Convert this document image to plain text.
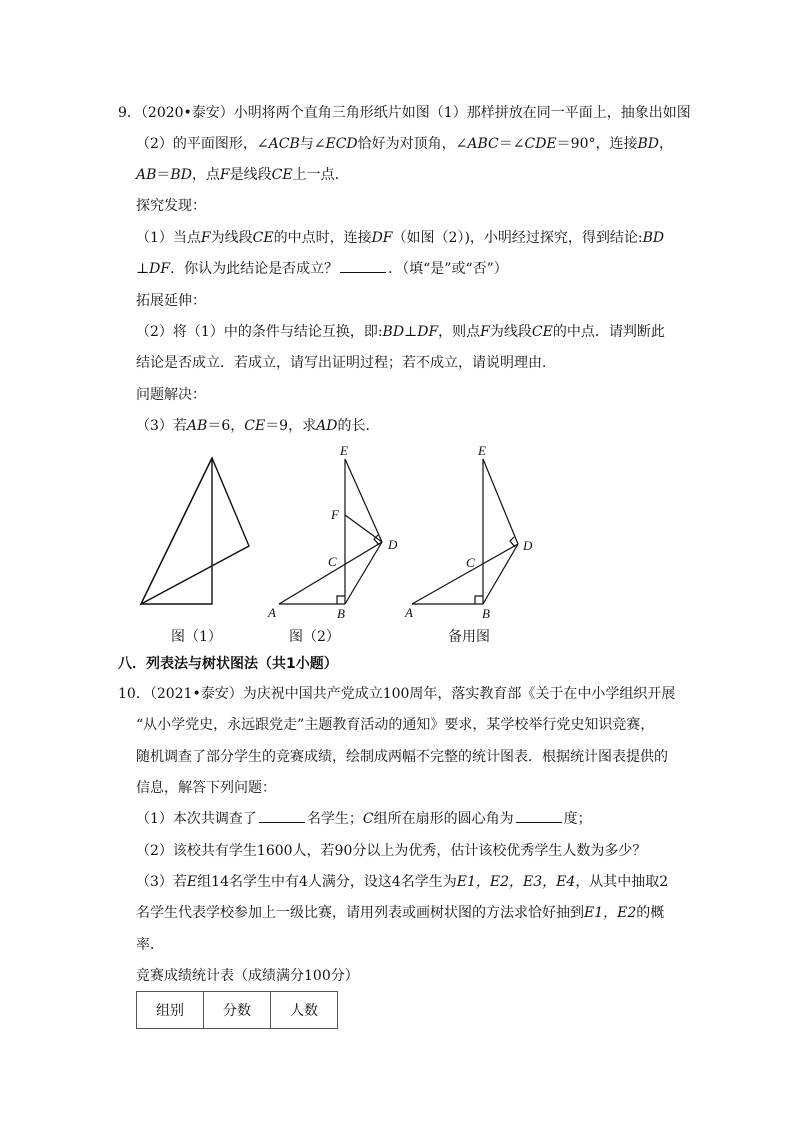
9．（2020•泰安）小明将两个直角三角形纸片如图（1）那样拼放在同一平面上，抽象出如图
（2）的平面图形，∠ACB与∠ECD恰好为对顶角，∠ABC＝∠CDE＝90°，连接BD，
AB＝BD，点F是线段CE上一点．
探究发现：
（1）当点F为线段CE的中点时，连接DF（如图（2）)，小明经过探究，得到结论:BD
⊥DF．你认为此结论是否成立？	．（填“是”或“否”）
拓展延伸：
（2）将（1）中的条件与结论互换，即:BD⊥DF，则点F为线段CE的中点．请判断此
结论是否成立．若成立，请写出证明过程；若不成立，请说明理由．
问题解决：
（3）若AB＝6，CE＝9，求AD的长．
E
F
C
D
A	B
E
C
D
A	B
图（1）	图（2）	备用图
八．列表法与树状图法（共1小题）
10．（2021•泰安）为庆祝中国共产党成立100周年，落实教育部《关于在中小学组织开展
“从小学党史，永远跟党走”主题教育活动的通知》要求，某学校举行党史知识竞赛，
随机调查了部分学生的竞赛成绩，绘制成两幅不完整的统计图表．根据统计图表提供的
信息，解答下列问题：
（1）本次共调查了	名学生；C组所在扇形的圆心角为	度；
（2）该校共有学生1600人，若90分以上为优秀，估计该校优秀学生人数为多少？
（3）若E组14名学生中有4人满分，设这4名学生为E1，E2，E3，E4，从其中抽取2
名学生代表学校参加上一级比赛，请用列表或画树状图的方法求恰好抽到E1，E2的概
率．
竞赛成绩统计表（成绩满分100分）
组别	分数	人数
